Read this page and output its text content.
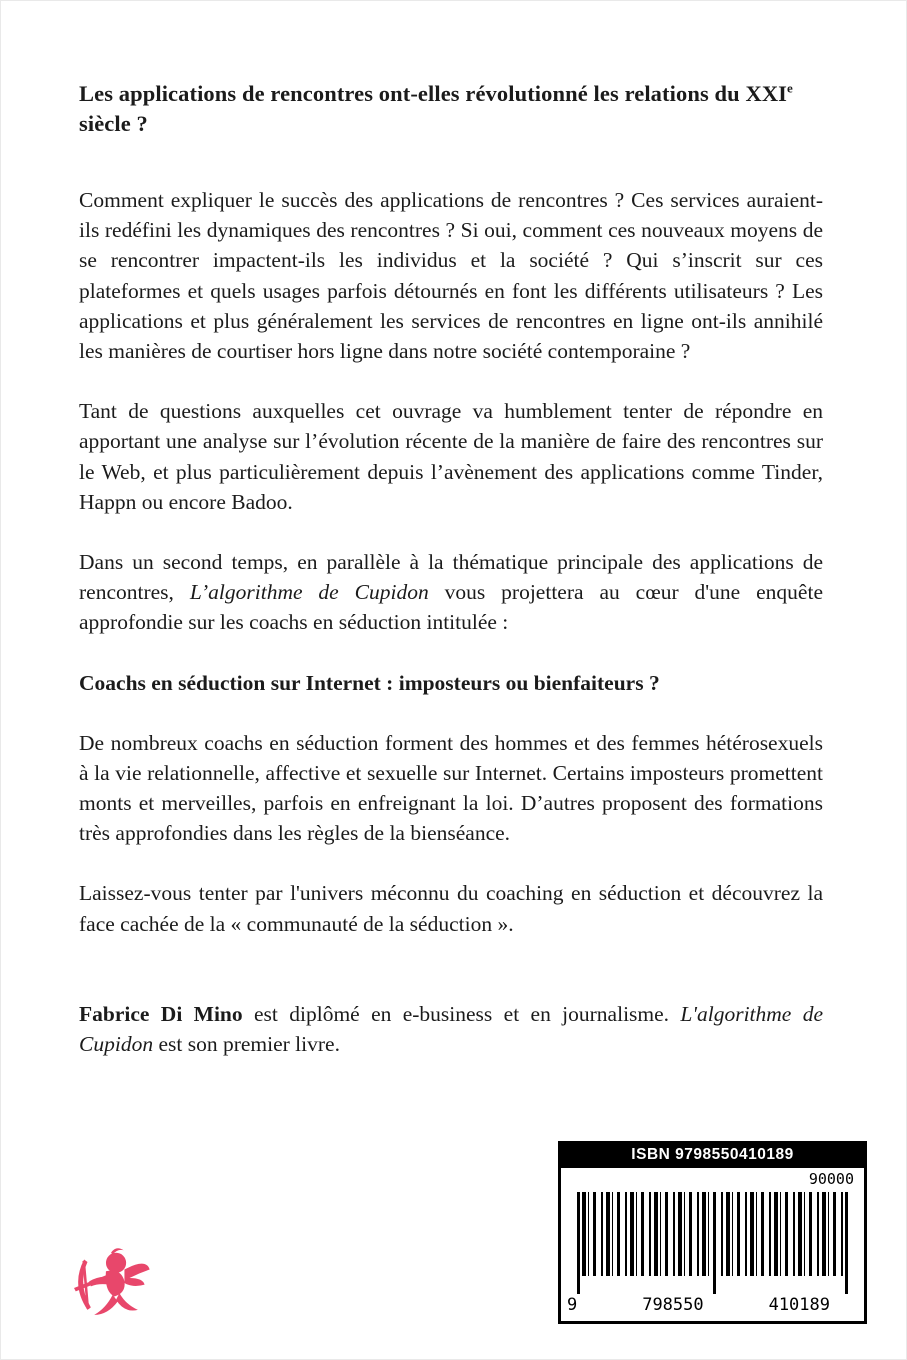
Les applications de rencontres ont-elles révolutionné les relations du XXIe siècle ?

Comment expliquer le succès des applications de rencontres ? Ces services auraient-ils redéfini les dynamiques des rencontres ? Si oui, comment ces nouveaux moyens de se rencontrer impactent-ils les individus et la société ? Qui s’inscrit sur ces plateformes et quels usages parfois détournés en font les différents utilisateurs ? Les applications et plus généralement les services de rencontres en ligne ont-ils annihilé les manières de courtiser hors ligne dans notre société contemporaine ?

Tant de questions auxquelles cet ouvrage va humblement tenter de répondre en apportant une analyse sur l’évolution récente de la manière de faire des rencontres sur le Web, et plus particulièrement depuis l’avènement des applications comme Tinder, Happn ou encore Badoo.

Dans un second temps, en parallèle à la thématique principale des applications de rencontres, L’algorithme de Cupidon vous projettera au cœur d'une enquête approfondie sur les coachs en séduction intitulée :

Coachs en séduction sur Internet : imposteurs ou bienfaiteurs ?

De nombreux coachs en séduction forment des hommes et des femmes hétérosexuels à la vie relationnelle, affective et sexuelle sur Internet. Certains imposteurs promettent monts et merveilles, parfois en enfreignant la loi. D’autres proposent des formations très approfondies dans les règles de la bienséance.

Laissez-vous tenter par l'univers méconnu du coaching en séduction et découvrez la face cachée de la « communauté de la séduction ».

Fabrice Di Mino est diplômé en e-business et en journalisme. L'algorithme de Cupidon est son premier livre.

ISBN 9798550410189
90000
9	798550	410189
